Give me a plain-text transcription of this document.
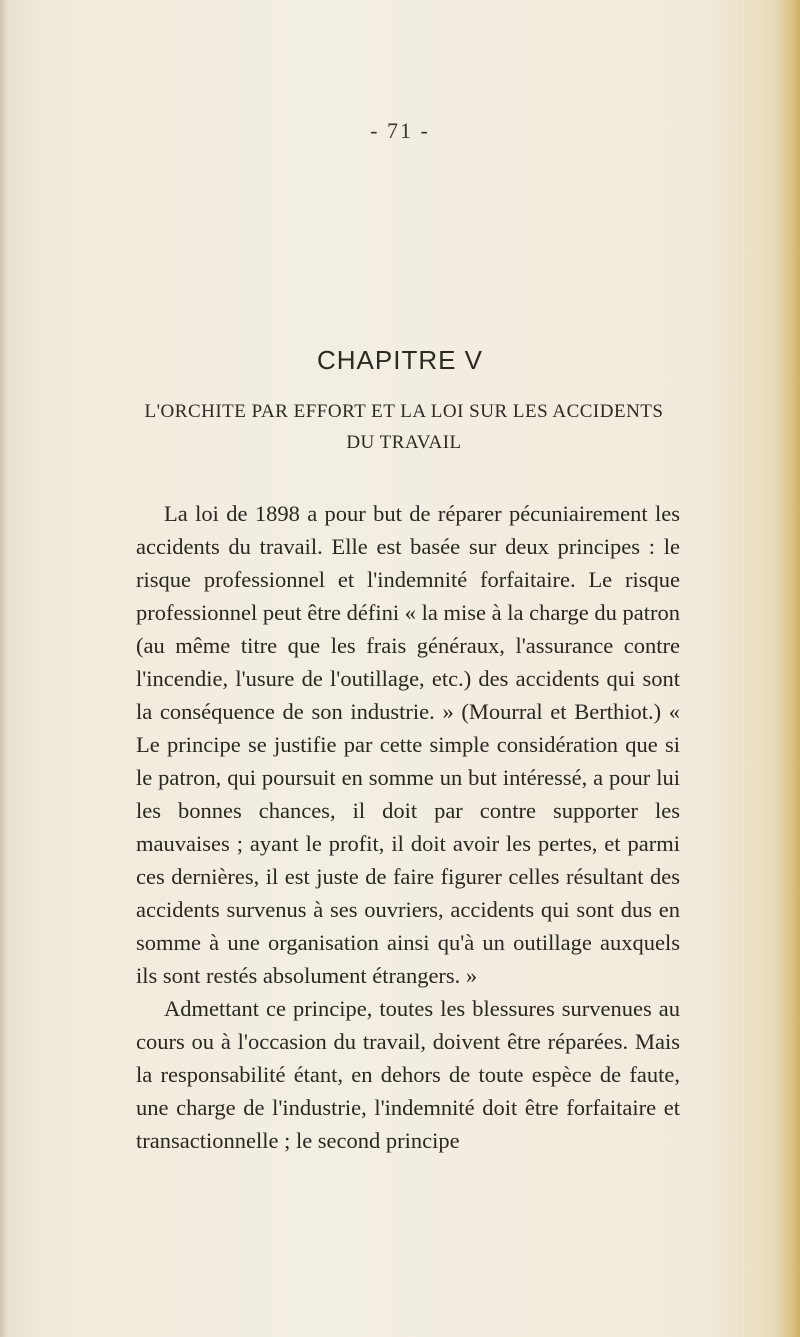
- 71 -
CHAPITRE V
L'ORCHITE PAR EFFORT ET LA LOI SUR LES ACCIDENTS
DU TRAVAIL

La loi de 1898 a pour but de réparer pécuniairement les accidents du travail. Elle est basée sur deux principes : le risque professionnel et l'indemnité forfaitaire. Le risque professionnel peut être défini « la mise à la charge du patron (au même titre que les frais généraux, l'assurance contre l'incendie, l'usure de l'outillage, etc.) des accidents qui sont la conséquence de son industrie. » (Mourral et Berthiot.) « Le principe se justifie par cette simple considération que si le patron, qui poursuit en somme un but intéressé, a pour lui les bonnes chances, il doit par contre supporter les mauvaises ; ayant le profit, il doit avoir les pertes, et parmi ces dernières, il est juste de faire figurer celles résultant des accidents survenus à ses ouvriers, accidents qui sont dus en somme à une organisation ainsi qu'à un outillage auxquels ils sont restés absolument étrangers. »

Admettant ce principe, toutes les blessures survenues au cours ou à l'occasion du travail, doivent être réparées. Mais la responsabilité étant, en dehors de toute espèce de faute, une charge de l'industrie, l'indemnité doit être forfaitaire et transactionnelle ; le second principe
